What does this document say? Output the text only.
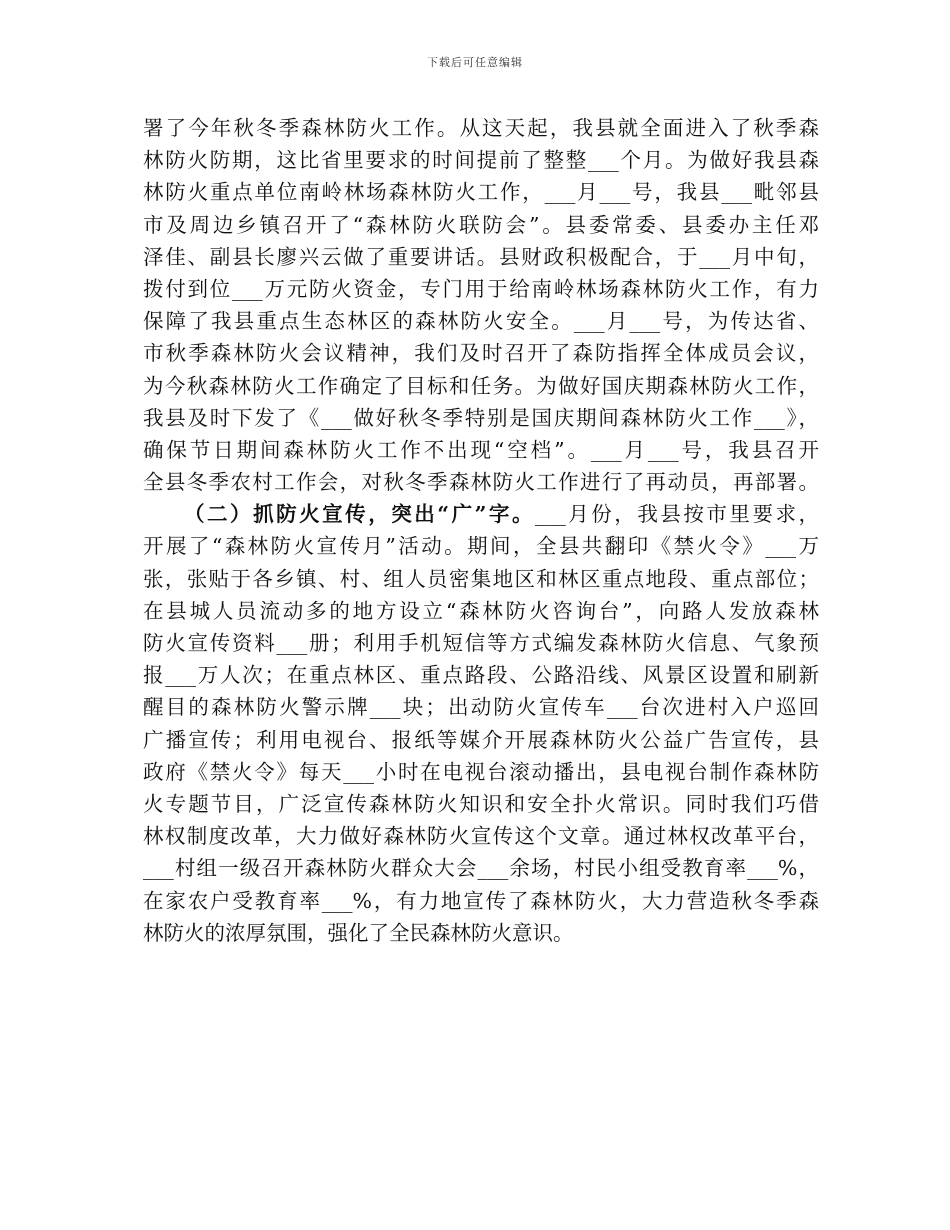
下载后可任意编辑
署了今年秋冬季森林防火工作。从这天起，我县就全面进入了秋季森
林防火防期，这比省里要求的时间提前了整整___个月。为做好我县森
林防火重点单位南岭林场森林防火工作，___月___号，我县___毗邻县
市及周边乡镇召开了“森林防火联防会”。县委常委、县委办主任邓
泽佳、副县长廖兴云做了重要讲话。县财政积极配合，于___月中旬，
拨付到位___万元防火资金，专门用于给南岭林场森林防火工作，有力
保障了我县重点生态林区的森林防火安全。___月___号，为传达省、
市秋季森林防火会议精神，我们及时召开了森防指挥全体成员会议，
为今秋森林防火工作确定了目标和任务。为做好国庆期森林防火工作，
我县及时下发了《___做好秋冬季特别是国庆期间森林防火工作___》，
确保节日期间森林防火工作不出现“空档”。___月___号，我县召开
全县冬季农村工作会，对秋冬季森林防火工作进行了再动员，再部署。
（二）抓防火宣传，突出“广”字。___月份，我县按市里要求，
开展了“森林防火宣传月”活动。期间，全县共翻印《禁火令》___万
张，张贴于各乡镇、村、组人员密集地区和林区重点地段、重点部位；
在县城人员流动多的地方设立“森林防火咨询台”，向路人发放森林
防火宣传资料___册；利用手机短信等方式编发森林防火信息、气象预
报___万人次；在重点林区、重点路段、公路沿线、风景区设置和刷新
醒目的森林防火警示牌___块；出动防火宣传车___台次进村入户巡回
广播宣传；利用电视台、报纸等媒介开展森林防火公益广告宣传，县
政府《禁火令》每天___小时在电视台滚动播出，县电视台制作森林防
火专题节目，广泛宣传森林防火知识和安全扑火常识。同时我们巧借
林权制度改革，大力做好森林防火宣传这个文章。通过林权改革平台，
___村组一级召开森林防火群众大会___余场，村民小组受教育率___%，
在家农户受教育率___%，有力地宣传了森林防火，大力营造秋冬季森
林防火的浓厚氛围，强化了全民森林防火意识。
